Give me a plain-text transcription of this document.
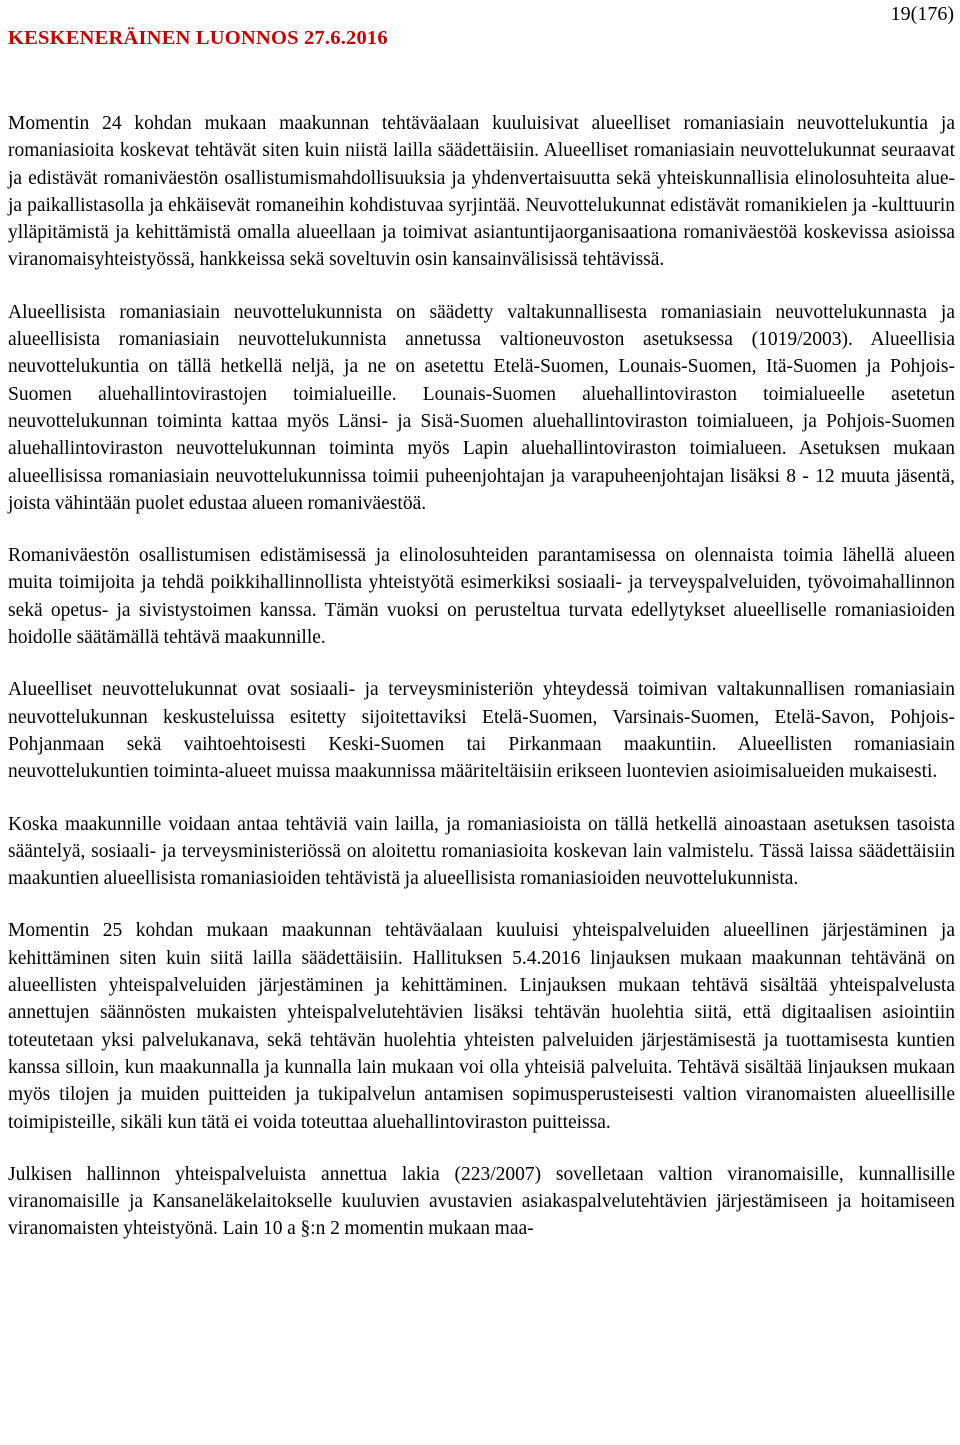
KESKENERÄINEN LUONNOS 27.6.2016
19(176)

Momentin 24 kohdan mukaan maakunnan tehtäväalaan kuuluisivat alueelliset romaniasiain neuvottelukuntia ja romaniasioita koskevat tehtävät siten kuin niistä lailla säädettäisiin. Alueelliset romaniasiain neuvottelukunnat seuraavat ja edistävät romaniväestön osallistumismahdollisuuksia ja yhdenvertaisuutta sekä yhteiskunnallisia elinolosuhteita alue- ja paikallistasolla ja ehkäisevät romaneihin kohdistuvaa syrjintää. Neuvottelukunnat edistävät romanikielen ja -kulttuurin ylläpitämistä ja kehittämistä omalla alueellaan ja toimivat asiantuntijaorganisaationa romaniväestöä koskevissa asioissa viranomaisyhteistyössä, hankkeissa sekä soveltuvin osin kansainvälisissä tehtävissä.

Alueellisista romaniasiain neuvottelukunnista on säädetty valtakunnallisesta romaniasiain neuvottelukunnasta ja alueellisista romaniasiain neuvottelukunnista annetussa valtioneuvoston asetuksessa (1019/2003). Alueellisia neuvottelukuntia on tällä hetkellä neljä, ja ne on asetettu Etelä-Suomen, Lounais-Suomen, Itä-Suomen ja Pohjois-Suomen aluehallintovirastojen toimialueille. Lounais-Suomen aluehallintoviraston toimialueelle asetetun neuvottelukunnan toiminta kattaa myös Länsi- ja Sisä-Suomen aluehallintoviraston toimialueen, ja Pohjois-Suomen aluehallintoviraston neuvottelukunnan toiminta myös Lapin aluehallintoviraston toimialueen. Asetuksen mukaan alueellisissa romaniasiain neuvottelukunnissa toimii puheenjohtajan ja varapuheenjohtajan lisäksi 8 - 12 muuta jäsentä, joista vähintään puolet edustaa alueen romaniväestöä.

Romaniväestön osallistumisen edistämisessä ja elinolosuhteiden parantamisessa on olennaista toimia lähellä alueen muita toimijoita ja tehdä poikkihallinnollista yhteistyötä esimerkiksi sosiaali- ja terveyspalveluiden, työvoimahallinnon sekä opetus- ja sivistystoimen kanssa. Tämän vuoksi on perusteltua turvata edellytykset alueelliselle romaniasioiden hoidolle säätämällä tehtävä maakunnille.

Alueelliset neuvottelukunnat ovat sosiaali- ja terveysministeriön yhteydessä toimivan valtakunnallisen romaniasiain neuvottelukunnan keskusteluissa esitetty sijoitettaviksi Etelä-Suomen, Varsinais-Suomen, Etelä-Savon, Pohjois-Pohjanmaan sekä vaihtoehtoisesti Keski-Suomen tai Pirkanmaan maakuntiin. Alueellisten romaniasiain neuvottelukuntien toiminta-alueet muissa maakunnissa määriteltäisiin erikseen luontevien asioimisalueiden mukaisesti.

Koska maakunnille voidaan antaa tehtäviä vain lailla, ja romaniasioista on tällä hetkellä ainoastaan asetuksen tasoista sääntelyä, sosiaali- ja terveysministeriössä on aloitettu romaniasioita koskevan lain valmistelu. Tässä laissa säädettäisiin maakuntien alueellisista romaniasioiden tehtävistä ja alueellisista romaniasioiden neuvottelukunnista.

Momentin 25 kohdan mukaan maakunnan tehtäväalaan kuuluisi yhteispalveluiden alueellinen järjestäminen ja kehittäminen siten kuin siitä lailla säädettäisiin. Hallituksen 5.4.2016 linjauksen mukaan maakunnan tehtävänä on alueellisten yhteispalveluiden järjestäminen ja kehittäminen. Linjauksen mukaan tehtävä sisältää yhteispalvelusta annettujen säännösten mukaisten yhteispalvelutehtävien lisäksi tehtävän huolehtia siitä, että digitaalisen asiointiin toteutetaan yksi palvelukanava, sekä tehtävän huolehtia yhteisten palveluiden järjestämisestä ja tuottamisesta kuntien kanssa silloin, kun maakunnalla ja kunnalla lain mukaan voi olla yhteisiä palveluita. Tehtävä sisältää linjauksen mukaan myös tilojen ja muiden puitteiden ja tukipalvelun antamisen sopimusperusteisesti valtion viranomaisten alueellisille toimipisteille, sikäli kun tätä ei voida toteuttaa aluehallintoviraston puitteissa.

Julkisen hallinnon yhteispalveluista annettua lakia (223/2007) sovelletaan valtion viranomaisille, kunnallisille viranomaisille ja Kansaneläkelaitokselle kuuluvien avustavien asiakaspalvelutehtävien järjestämiseen ja hoitamiseen viranomaisten yhteistyönä. Lain 10 a §:n 2 momentin mukaan maa-
